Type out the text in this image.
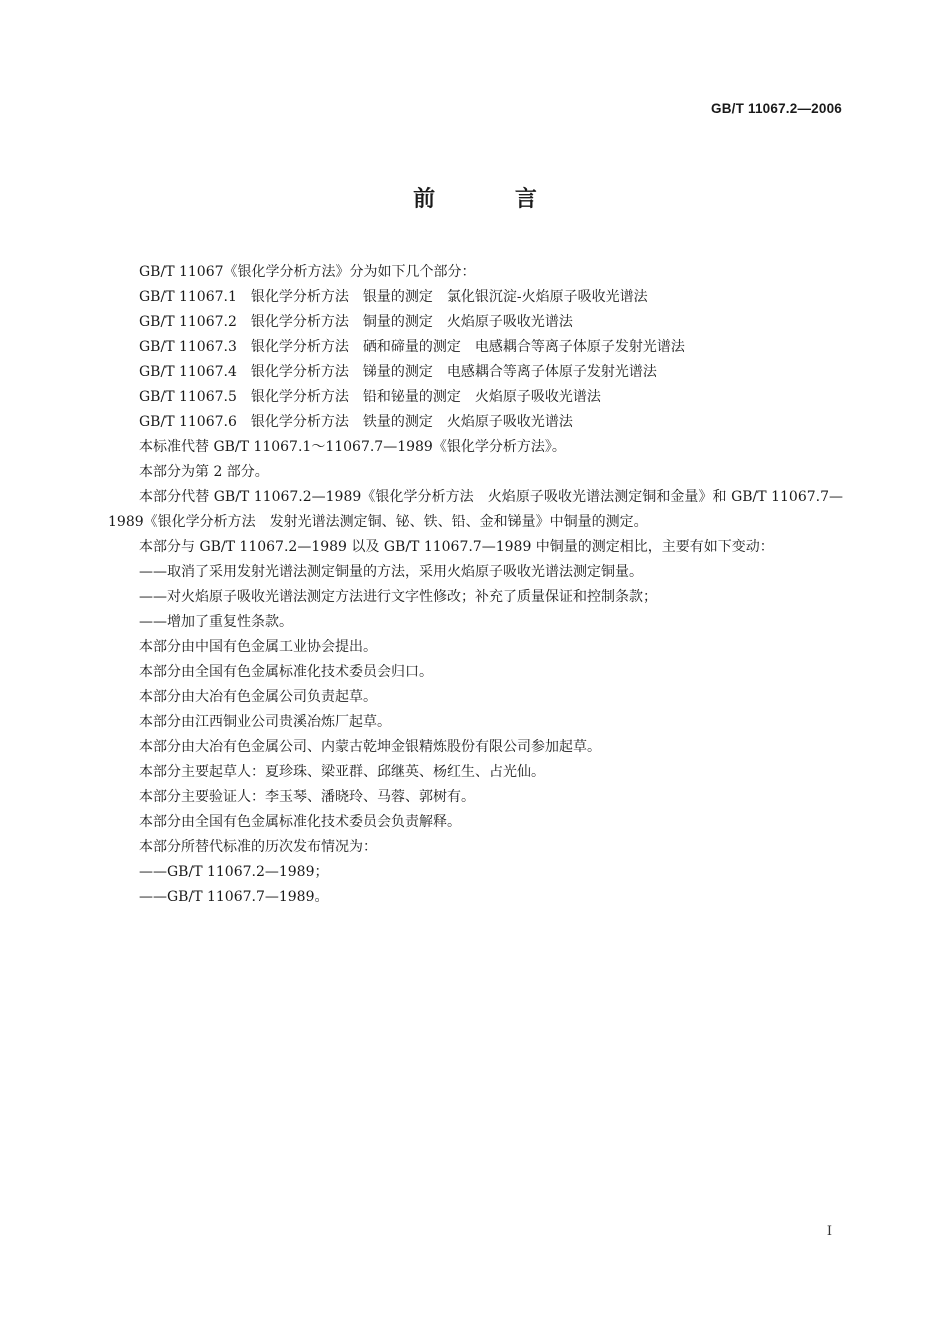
GB/T 11067.2—2006
前 言

GB/T 11067《银化学分析方法》分为如下几个部分：

GB/T 11067.1　银化学分析方法　银量的测定　氯化银沉淀-火焰原子吸收光谱法

GB/T 11067.2　银化学分析方法　铜量的测定　火焰原子吸收光谱法

GB/T 11067.3　银化学分析方法　硒和碲量的测定　电感耦合等离子体原子发射光谱法

GB/T 11067.4　银化学分析方法　锑量的测定　电感耦合等离子体原子发射光谱法

GB/T 11067.5　银化学分析方法　铅和铋量的测定　火焰原子吸收光谱法

GB/T 11067.6　银化学分析方法　铁量的测定　火焰原子吸收光谱法

本标准代替 GB/T 11067.1～11067.7—1989《银化学分析方法》。

本部分为第 2 部分。

本部分代替 GB/T 11067.2—1989《银化学分析方法　火焰原子吸收光谱法测定铜和金量》和 GB/T 11067.7—1989《银化学分析方法　发射光谱法测定铜、铋、铁、铅、金和锑量》中铜量的测定。

本部分与 GB/T 11067.2—1989 以及 GB/T 11067.7—1989 中铜量的测定相比，主要有如下变动：

——取消了采用发射光谱法测定铜量的方法，采用火焰原子吸收光谱法测定铜量。

——对火焰原子吸收光谱法测定方法进行文字性修改；补充了质量保证和控制条款；

——增加了重复性条款。

本部分由中国有色金属工业协会提出。

本部分由全国有色金属标准化技术委员会归口。

本部分由大冶有色金属公司负责起草。

本部分由江西铜业公司贵溪冶炼厂起草。

本部分由大冶有色金属公司、内蒙古乾坤金银精炼股份有限公司参加起草。

本部分主要起草人：夏珍珠、梁亚群、邱继英、杨红生、占光仙。

本部分主要验证人：李玉琴、潘晓玲、马蓉、郭树有。

本部分由全国有色金属标准化技术委员会负责解释。

本部分所替代标准的历次发布情况为：

——GB/T 11067.2—1989；

——GB/T 11067.7—1989。

I
